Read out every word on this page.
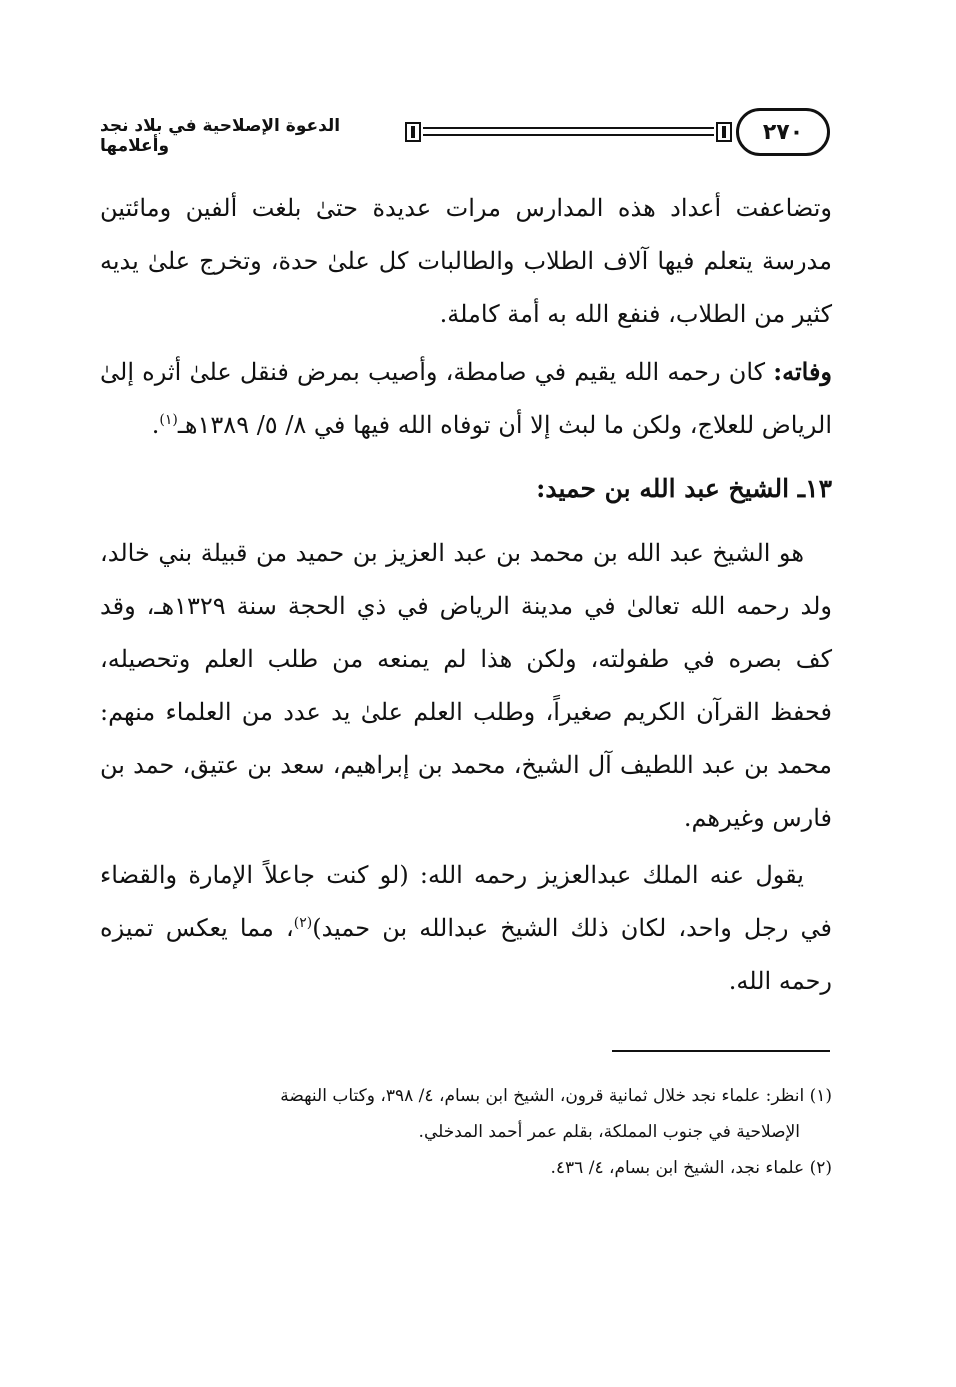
٢٧٠
الدعوة الإصلاحية في بلاد نجد وأعلامها

وتضاعفت أعداد هذه المدارس مرات عديدة حتىٰ بلغت ألفين ومائتين مدرسة يتعلم فيها آلاف الطلاب والطالبات كل علىٰ حدة، وتخرج علىٰ يديه كثير من الطلاب، فنفع الله به أمة كاملة.

وفاته: كان رحمه الله يقيم في صامطة، وأصيب بمرض فنقل علىٰ أثره إلىٰ الرياض للعلاج، ولكن ما لبث إلا أن توفاه الله فيها في ٨/ ٥/ ١٣٨٩هـ$^{(١)}$.

١٣ـ الشيخ عبد الله بن حميد:

هو الشيخ عبد الله بن محمد بن عبد العزيز بن حميد من قبيلة بني خالد، ولد رحمه الله تعالىٰ في مدينة الرياض في ذي الحجة سنة ١٣٢٩هـ، وقد كف بصره في طفولته، ولكن هذا لم يمنعه من طلب العلم وتحصيله، فحفظ القرآن الكريم صغيراً، وطلب العلم علىٰ يد عدد من العلماء منهم: محمد بن عبد اللطيف آل الشيخ، محمد بن إبراهيم، سعد بن عتيق، حمد بن فارس وغيرهم.

يقول عنه الملك عبدالعزيز رحمه الله: (لو كنت جاعلاً الإمارة والقضاء في رجل واحد، لكان ذلك الشيخ عبدالله بن حميد)$^{(٢)}$، مما يعكس تميزه رحمه الله.

(١) انظر: علماء نجد خلال ثمانية قرون، الشيخ ابن بسام، ٤/ ٣٩٨، وكتاب النهضة

الإصلاحية في جنوب المملكة، بقلم عمر أحمد المدخلي.

(٢) علماء نجد، الشيخ ابن بسام، ٤/ ٤٣٦.
